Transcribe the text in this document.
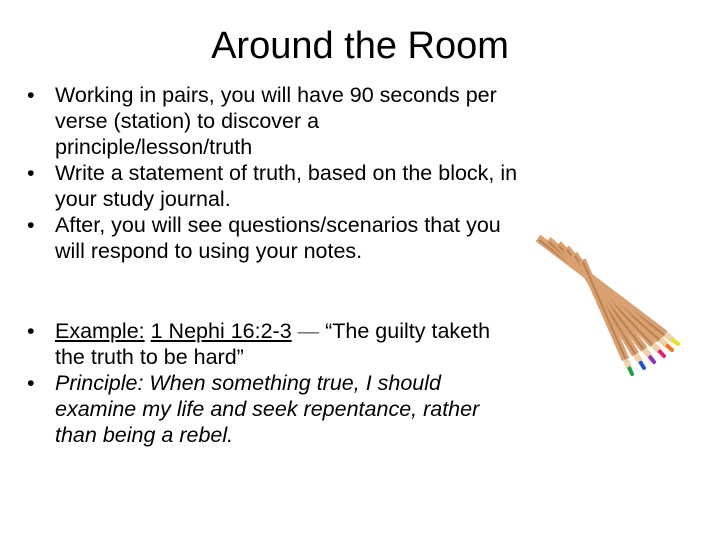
Around the Room
• Working in pairs, you will have 90 seconds per verse (station) to discover a principle/lesson/truth
• Write a statement of truth, based on the block, in your study journal.
• After, you will see questions/scenarios that you will respond to using your notes.
• Example: 1 Nephi 16:2-3 — “The guilty taketh the truth to be hard”
• Principle: When something true, I should examine my life and seek repentance, rather than being a rebel.
